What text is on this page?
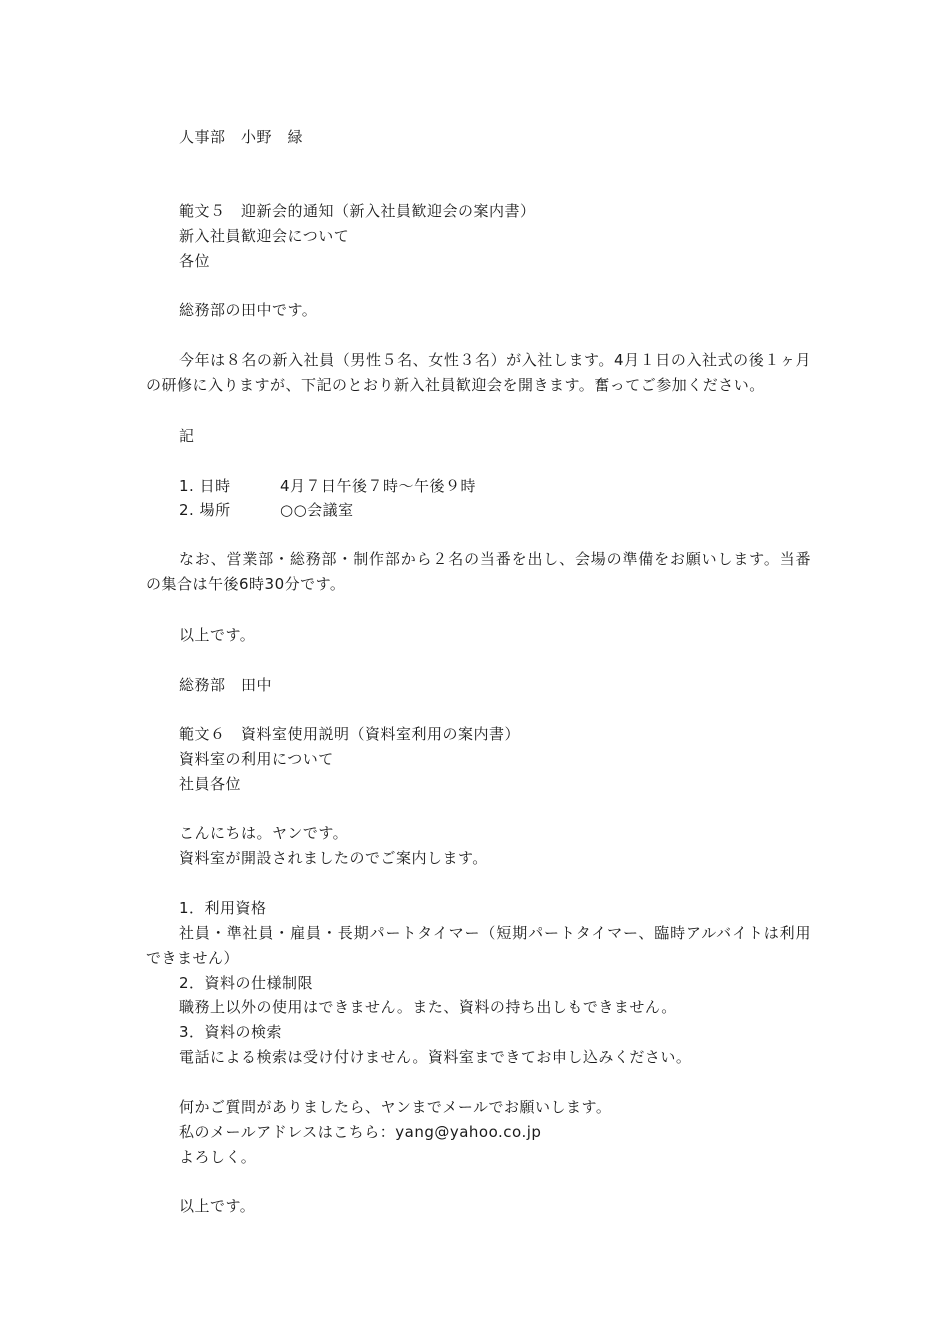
人事部　小野　緑
範文５　迎新会的通知（新入社員歓迎会の案内書）
新入社員歓迎会について
各位
総務部の田中です。
今年は８名の新入社員（男性５名、女性３名）が入社します。4月１日の入社式の後１ヶ月の研修に入りますが、下記のとおり新入社員歓迎会を開きます。奮ってご参加ください。
記
1. 日時	4月７日午後７時～午後９時
2. 場所	○○会議室
なお、営業部・総務部・制作部から２名の当番を出し、会場の準備をお願いします。当番の集合は午後6時30分です。
以上です。
総務部　田中
範文６　資料室使用説明（資料室利用の案内書）
資料室の利用について
社員各位
こんにちは。ヤンです。
資料室が開設されましたのでご案内します。
1．利用資格
社員・準社員・雇員・長期パートタイマー（短期パートタイマー、臨時アルバイトは利用できません）
2．資料の仕様制限
職務上以外の使用はできません。また、資料の持ち出しもできません。
3．資料の検索
電話による検索は受け付けません。資料室まできてお申し込みください。
何かご質問がありましたら、ヤンまでメールでお願いします。
私のメールアドレスはこちら：yang@yahoo.co.jp
よろしく。
以上です。
